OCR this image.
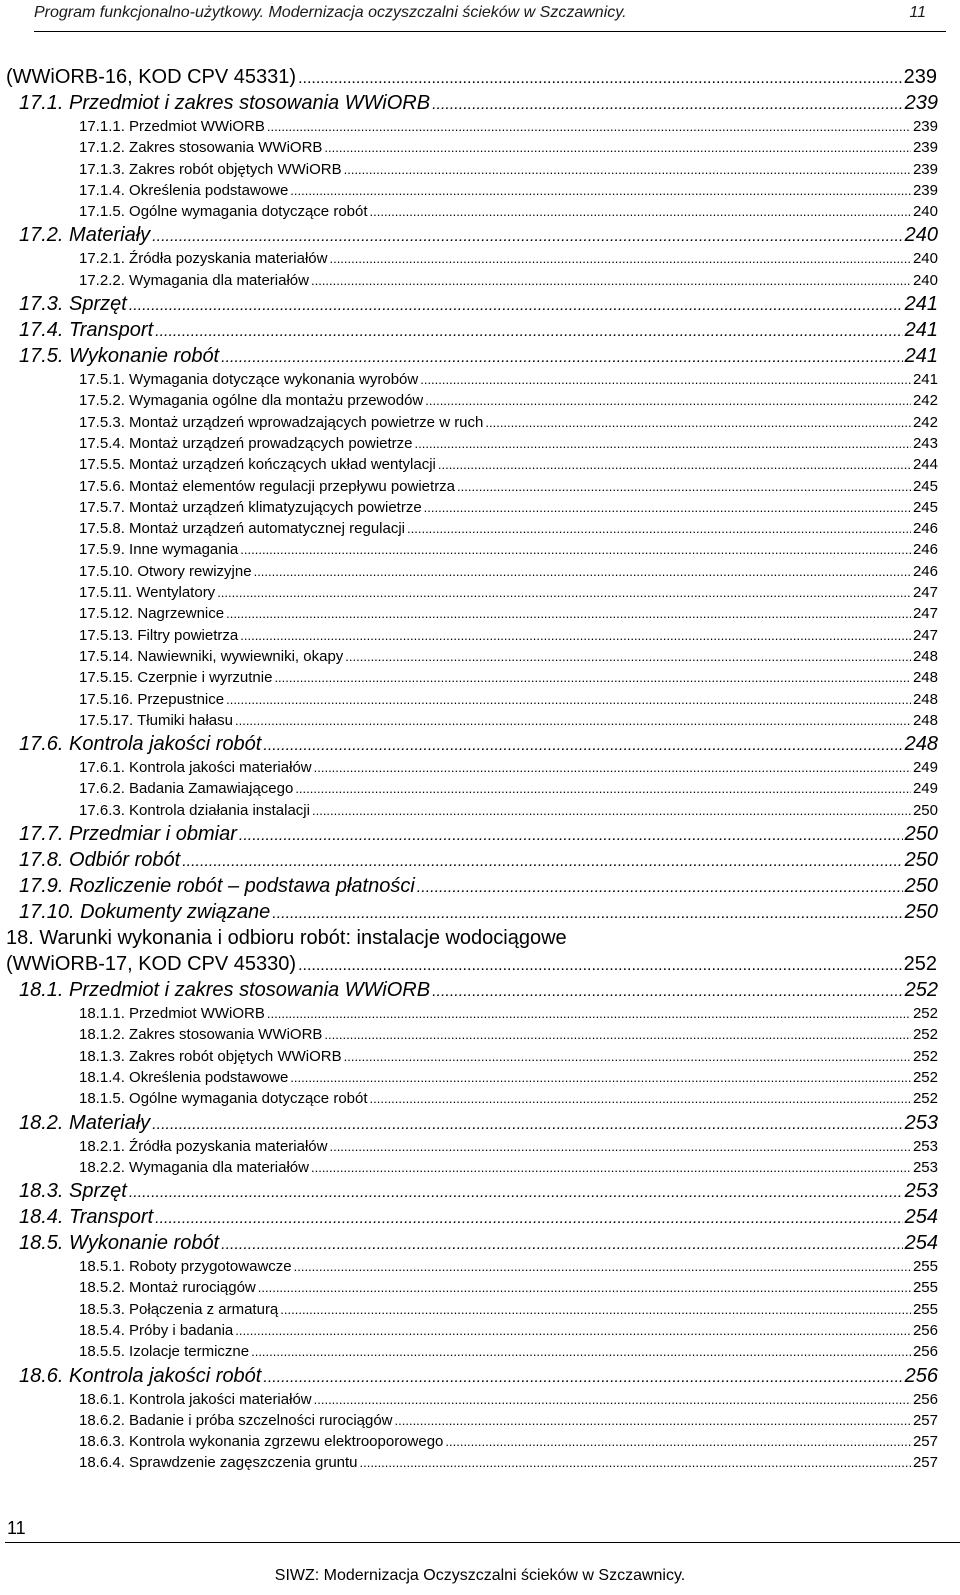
Program funkcjonalno-użytkowy. Modernizacja oczyszczalni ścieków w Szczawnicy.	11
(WWiORB-16, KOD CPV 45331) .....	239
17.1. Przedmiot i zakres stosowania WWiORB .....	239
17.1.1. Przedmiot WWiORB .....	239
17.1.2. Zakres stosowania WWiORB .....	239
17.1.3. Zakres robót objętych WWiORB .....	239
17.1.4. Określenia podstawowe .....	239
17.1.5. Ogólne wymagania dotyczące robót .....	240
17.2. Materiały .....	240
17.2.1. Źródła pozyskania materiałów .....	240
17.2.2. Wymagania dla materiałów .....	240
17.3. Sprzęt .....	241
17.4. Transport .....	241
17.5. Wykonanie robót .....	241
17.5.1. Wymagania dotyczące wykonania wyrobów .....	241
17.5.2. Wymagania ogólne dla montażu przewodów .....	242
17.5.3. Montaż urządzeń wprowadzających powietrze w ruch .....	242
17.5.4. Montaż urządzeń prowadzących powietrze .....	243
17.5.5. Montaż urządzeń kończących układ wentylacji .....	244
17.5.6. Montaż elementów regulacji przepływu powietrza .....	245
17.5.7. Montaż urządzeń klimatyzujących powietrze .....	245
17.5.8. Montaż urządzeń automatycznej regulacji .....	246
17.5.9. Inne wymagania .....	246
17.5.10. Otwory rewizyjne .....	246
17.5.11. Wentylatory .....	247
17.5.12. Nagrzewnice .....	247
17.5.13. Filtry powietrza .....	247
17.5.14. Nawiewniki, wywiewniki, okapy .....	248
17.5.15. Czerpnie i wyrzutnie .....	248
17.5.16. Przepustnice .....	248
17.5.17. Tłumiki hałasu .....	248
17.6. Kontrola jakości robót .....	248
17.6.1. Kontrola jakości materiałów .....	249
17.6.2. Badania Zamawiającego .....	249
17.6.3. Kontrola działania instalacji .....	250
17.7. Przedmiar i obmiar .....	250
17.8. Odbiór robót .....	250
17.9. Rozliczenie robót – podstawa płatności .....	250
17.10. Dokumenty związane .....	250
18. Warunki wykonania i odbioru robót: instalacje wodociągowe
(WWiORB-17, KOD CPV 45330) .....	252
18.1. Przedmiot i zakres stosowania WWiORB .....	252
18.1.1. Przedmiot WWiORB .....	252
18.1.2. Zakres stosowania WWiORB .....	252
18.1.3. Zakres robót objętych WWiORB .....	252
18.1.4. Określenia podstawowe .....	252
18.1.5. Ogólne wymagania dotyczące robót .....	252
18.2. Materiały .....	253
18.2.1. Źródła pozyskania materiałów .....	253
18.2.2. Wymagania dla materiałów .....	253
18.3. Sprzęt .....	253
18.4. Transport .....	254
18.5. Wykonanie robót .....	254
18.5.1. Roboty przygotowawcze .....	255
18.5.2. Montaż rurociągów .....	255
18.5.3. Połączenia z armaturą .....	255
18.5.4. Próby i badania .....	256
18.5.5. Izolacje termiczne .....	256
18.6. Kontrola jakości robót .....	256
18.6.1. Kontrola jakości materiałów .....	256
18.6.2. Badanie i próba szczelności rurociągów .....	257
18.6.3. Kontrola wykonania zgrzewu elektrooporowego .....	257
18.6.4. Sprawdzenie zagęszczenia gruntu .....	257
11
SIWZ: Modernizacja Oczyszczalni ścieków w Szczawnicy.
